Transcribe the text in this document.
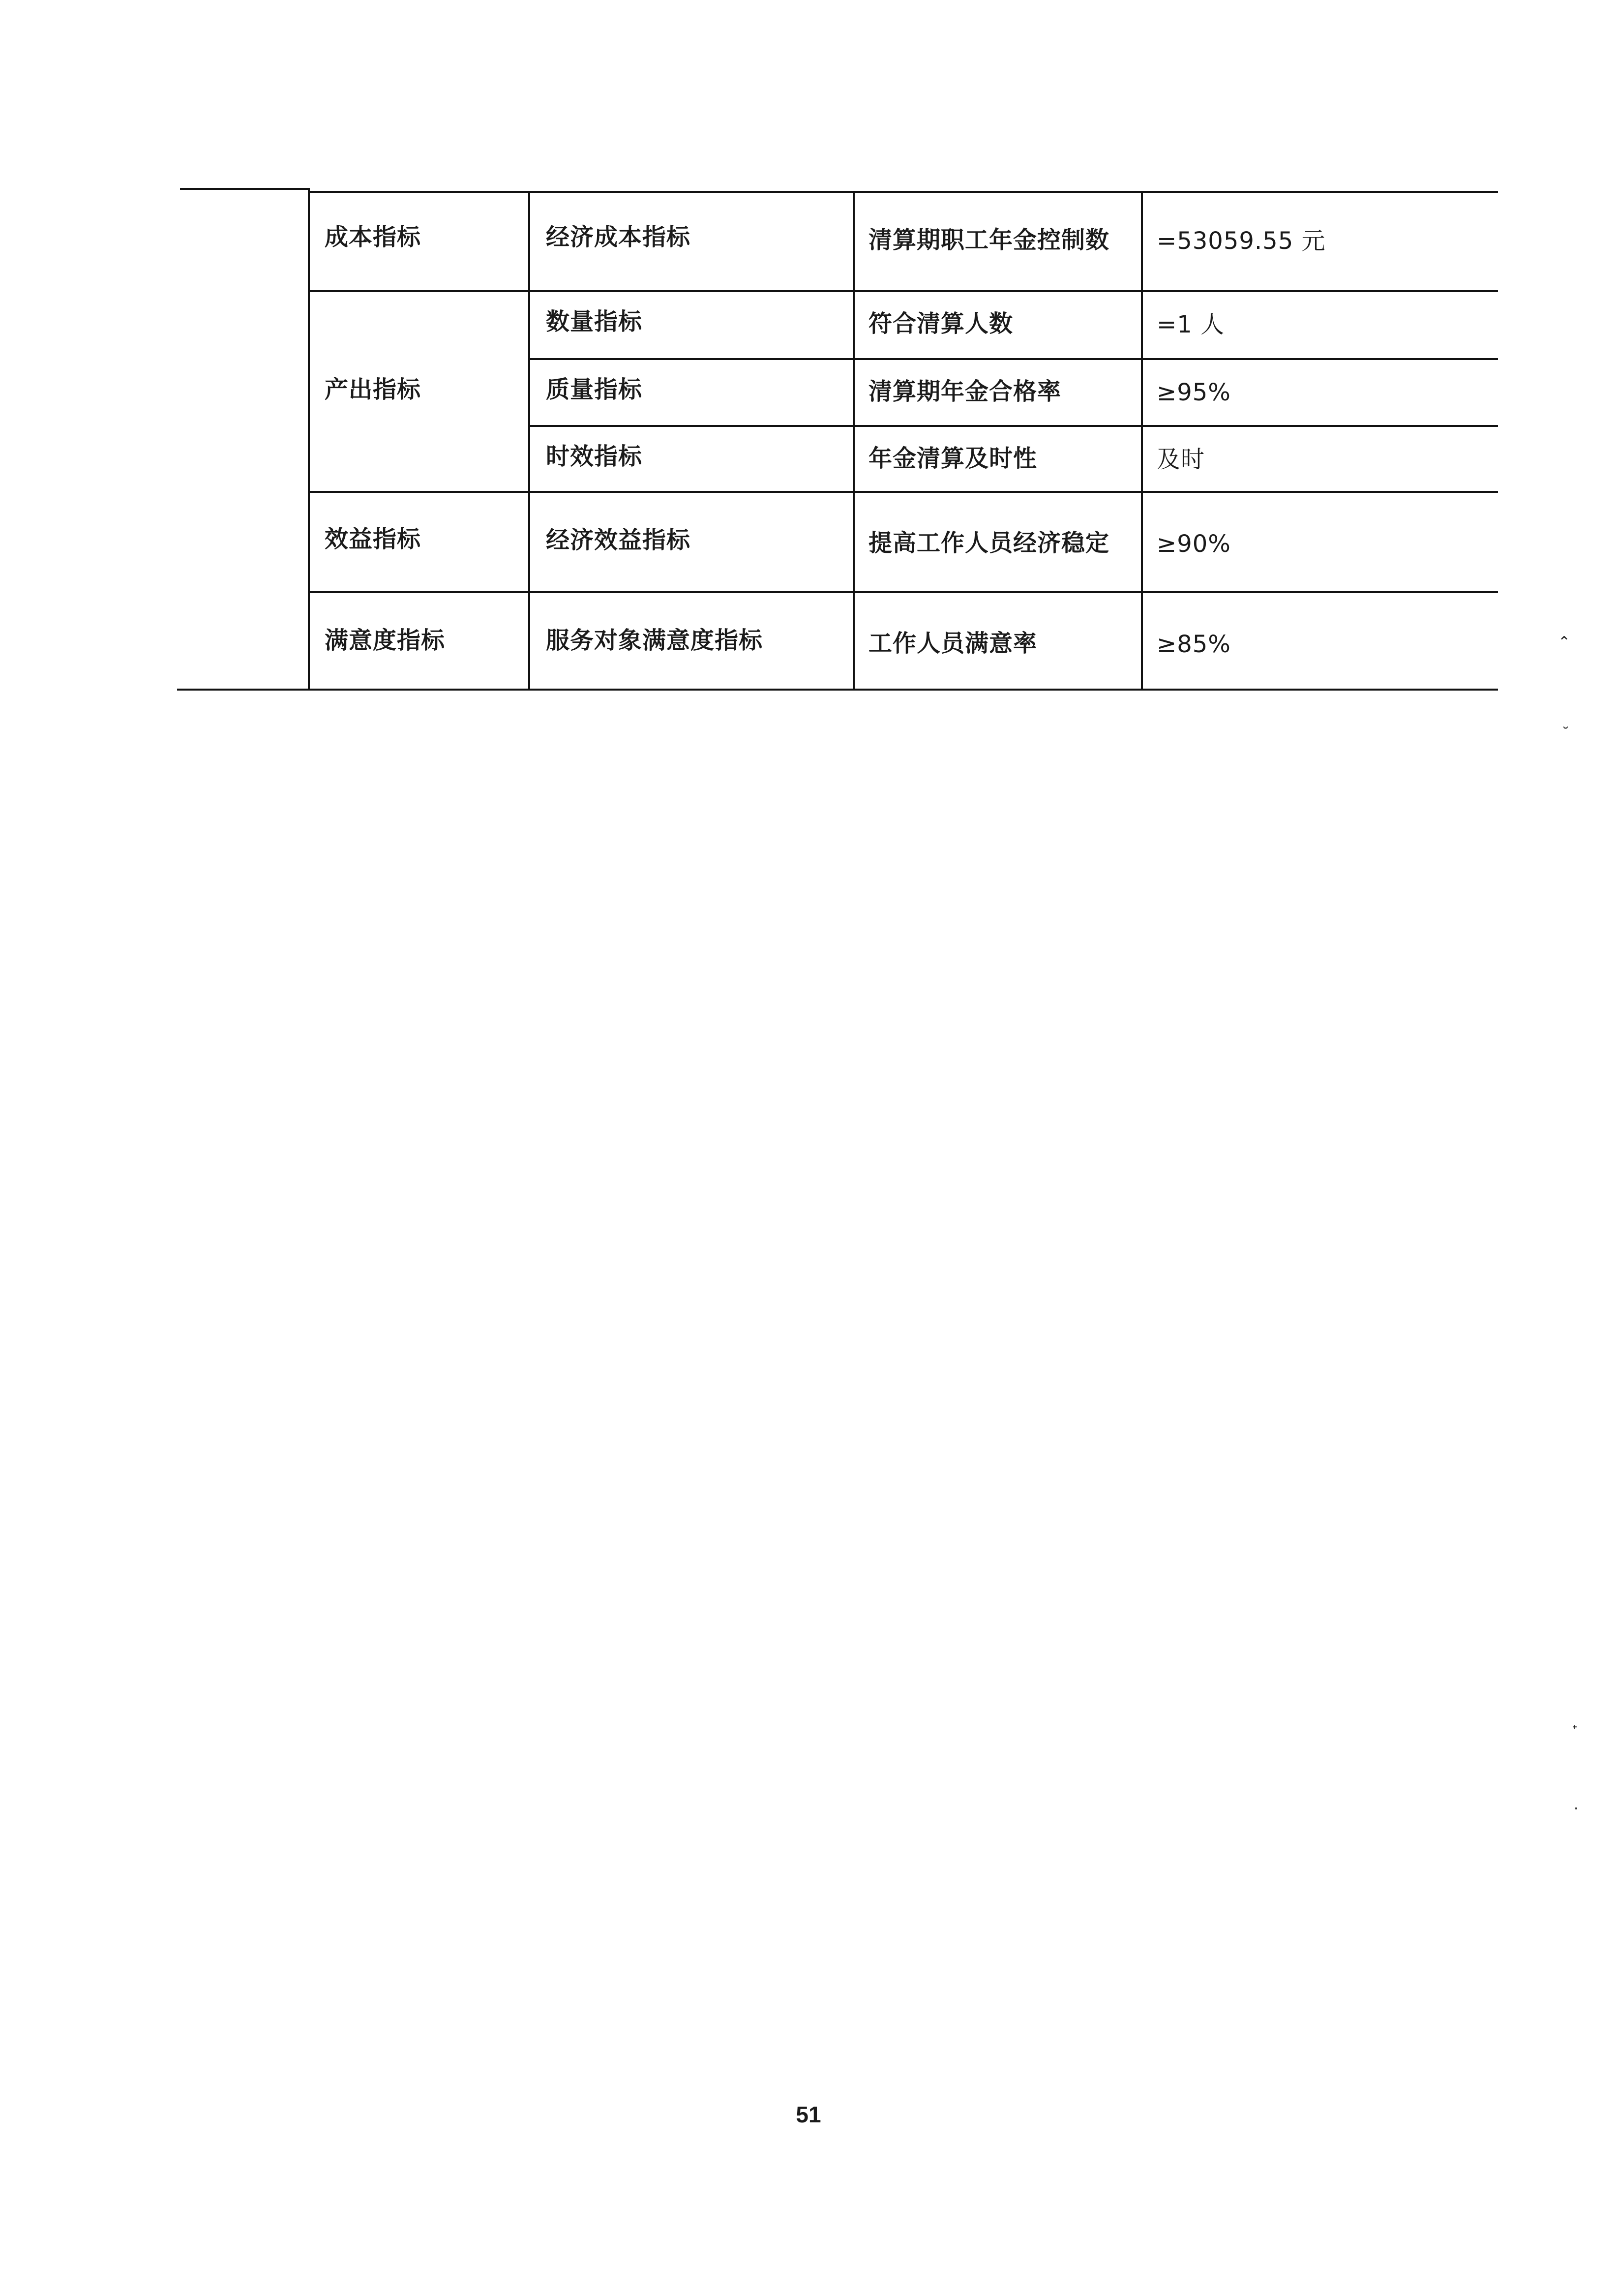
成本指标	经济成本指标	清算期职工年金控制数 =53059.55 元
产出指标
数量指标	符合清算人数	=1 人
质量指标	清算期年金合格率	≥95%
时效指标	年金清算及时性	及时
效益指标	经济效益指标	提高工作人员经济稳定 ≥90%
满意度指标	服务对象满意度指标	工作人员满意率	≥85%	⌃
˘
ᐩ
·
51
